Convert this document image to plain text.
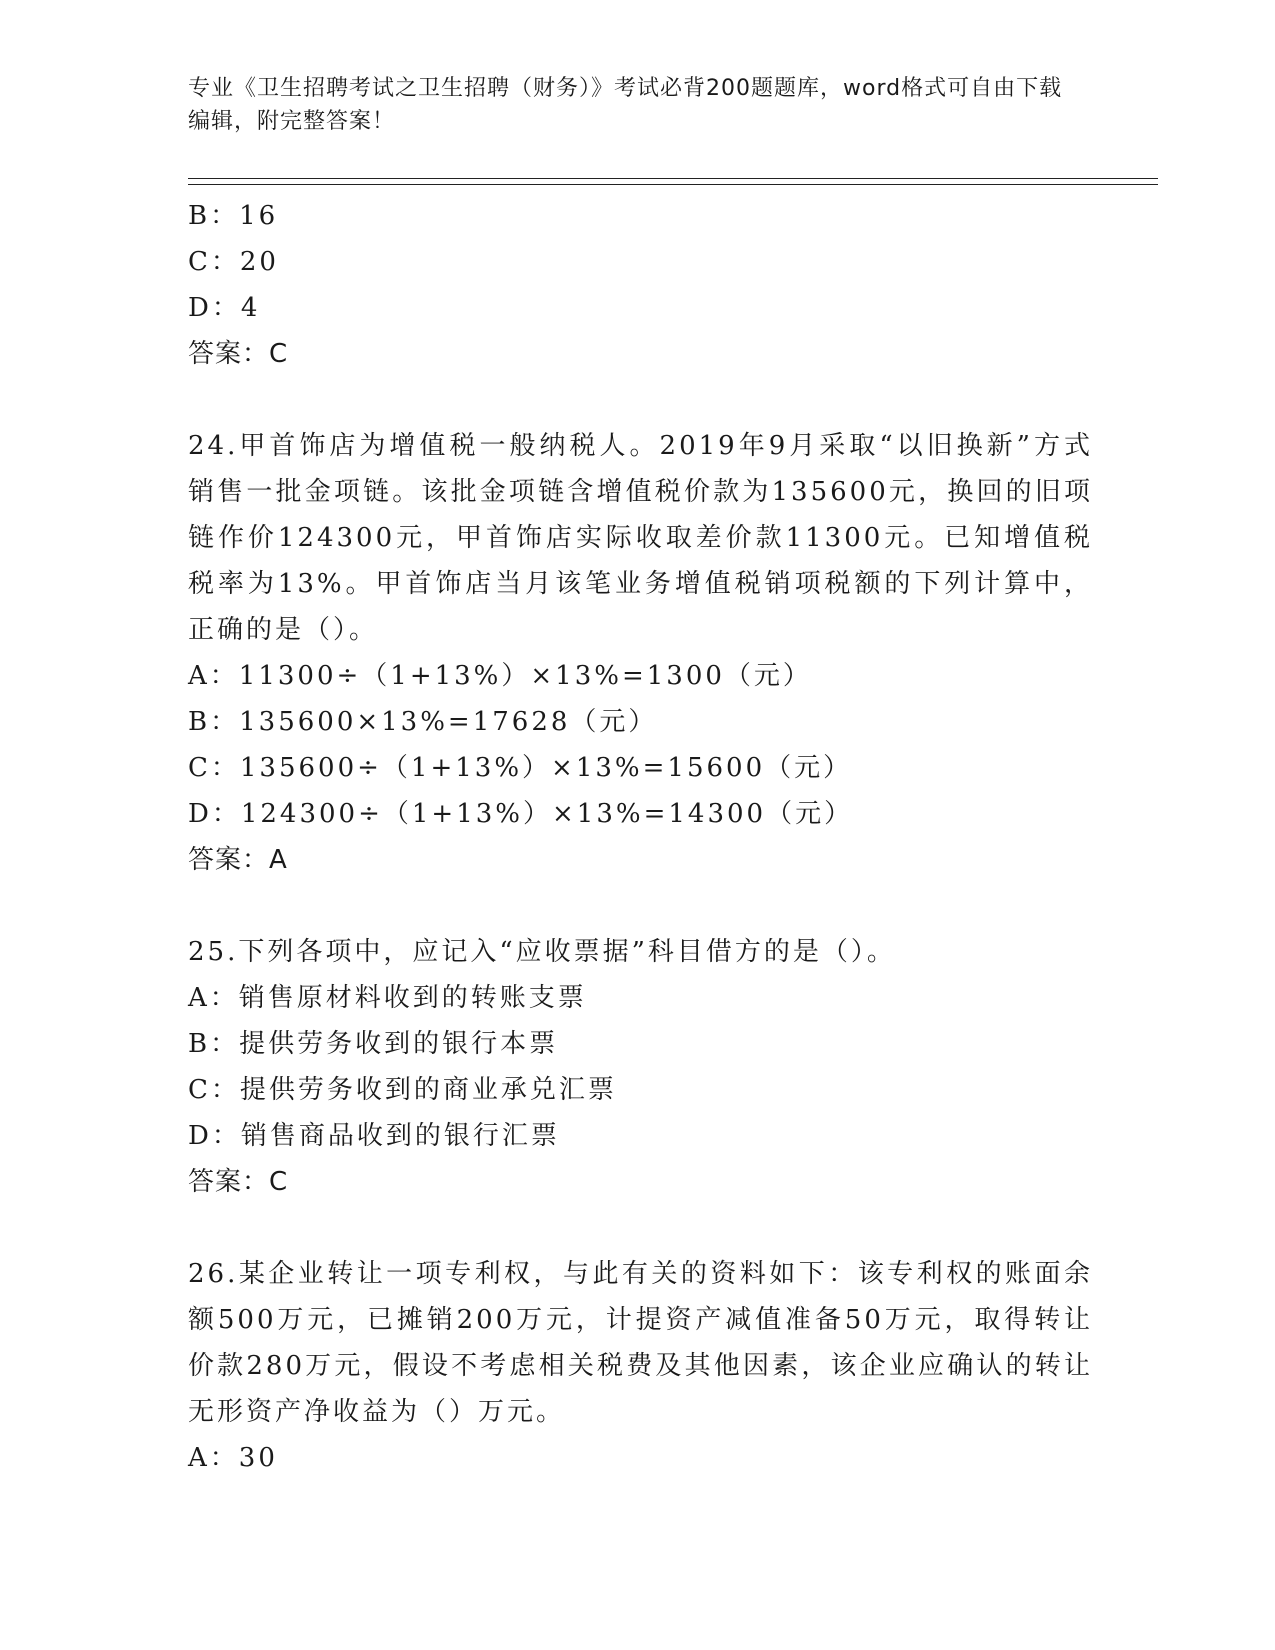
专业《卫生招聘考试之卫生招聘（财务）》考试必背200题题库，word格式可自由下载编辑，附完整答案！
B：16
C：20
D：4
答案：C
24.甲首饰店为增值税一般纳税人。2019年9月采取“以旧换新”方式销售一批金项链。该批金项链含增值税价款为135600元，换回的旧项链作价124300元，甲首饰店实际收取差价款11300元。已知增值税税率为13%。甲首饰店当月该笔业务增值税销项税额的下列计算中，正确的是（）。
A：11300÷（1+13%）×13%=1300（元）
B：135600×13%=17628（元）
C：135600÷（1+13%）×13%=15600（元）
D：124300÷（1+13%）×13%=14300（元）
答案：A
25.下列各项中，应记入“应收票据”科目借方的是（）。
A：销售原材料收到的转账支票
B：提供劳务收到的银行本票
C：提供劳务收到的商业承兑汇票
D：销售商品收到的银行汇票
答案：C
26.某企业转让一项专利权，与此有关的资料如下：该专利权的账面余额500万元，已摊销200万元，计提资产减值准备50万元，取得转让价款280万元，假设不考虑相关税费及其他因素，该企业应确认的转让无形资产净收益为（）万元。
A：30
